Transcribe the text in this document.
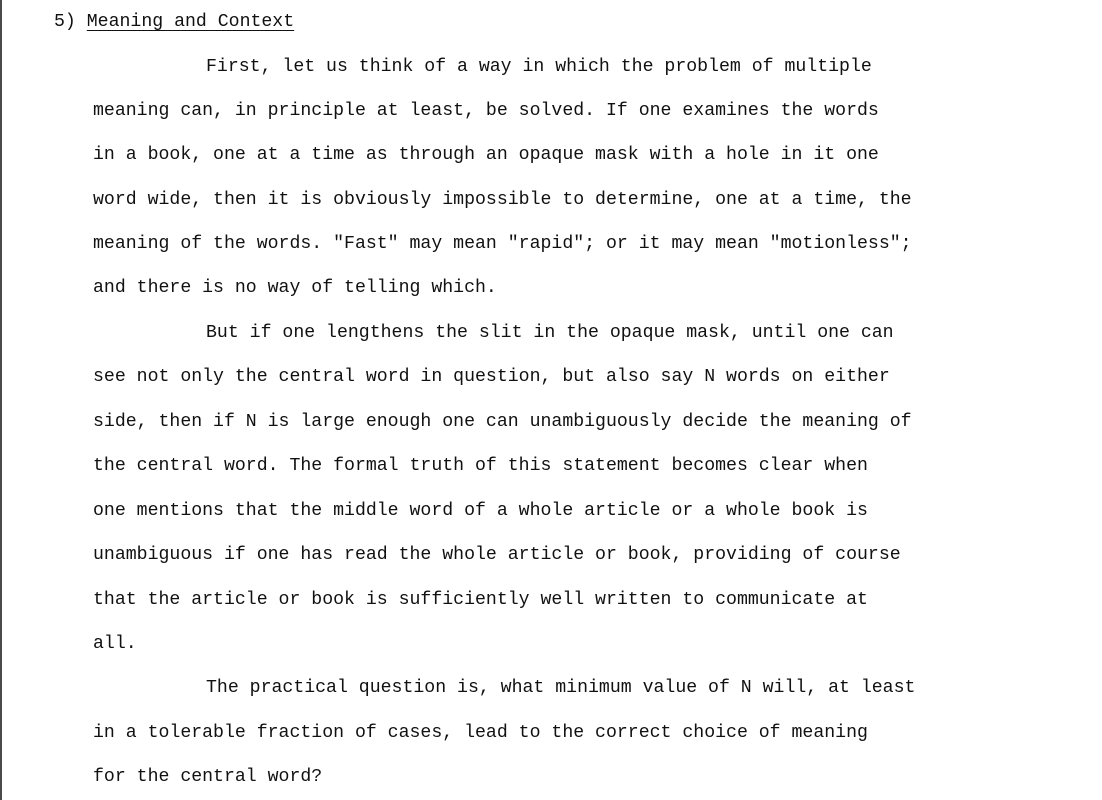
5) Meaning and Context
First, let us think of a way in which the problem of multiple
meaning can, in principle at least, be solved. If one examines the words
in a book, one at a time as through an opaque mask with a hole in it one
word wide, then it is obviously impossible to determine, one at a time, the
meaning of the words. "Fast" may mean "rapid"; or it may mean "motionless";
and there is no way of telling which.
But if one lengthens the slit in the opaque mask, until one can
see not only the central word in question, but also say N words on either
side, then if N is large enough one can unambiguously decide the meaning of
the central word. The formal truth of this statement becomes clear when
one mentions that the middle word of a whole article or a whole book is
unambiguous if one has read the whole article or book, providing of course
that the article or book is sufficiently well written to communicate at
all.
The practical question is, what minimum value of N will, at least
in a tolerable fraction of cases, lead to the correct choice of meaning
for the central word?
